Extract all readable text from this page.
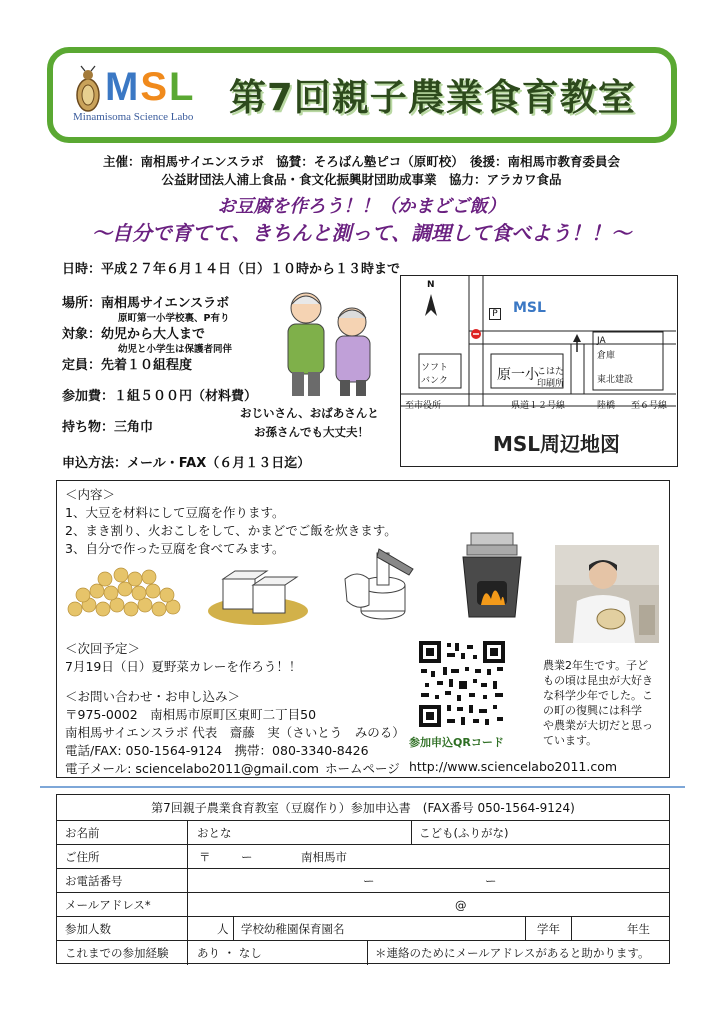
MSL
Minamisoma Science Labo 第7回親子農業食育教室
主催：南相馬サイエンスラボ　協賛：そろばん塾ピコ（原町校）　後援：南相馬市教育委員会
公益財団法人浦上食品・食文化振興財団助成事業　協力：アラカワ食品
お豆腐を作ろう！！（かまどご飯）
〜自分で育てて、きちんと測って、調理して食べよう！！〜
日時：平成２７年６月１４日（日）１０時から１３時まで
場所：南相馬サイエンスラボ
原町第一小学校裏、P有り
対象：幼児から大人まで
幼児と小学生は保護者同伴
定員：先着１０組程度
参加費：１組５００円（材料費）
持ち物：三角巾
おじいさん、おばあさんと
お孫さんでも大丈夫！
申込方法：メール・FAX（６月１３日迄）
N
P MSL
原一小
ソフト
バンク
こはた
印刷所
JA
倉庫
東北建設
至市役所	県道１２号線	陸橋 至６号線
MSL周辺地図
＜内容＞
1、大豆を材料にして豆腐を作ります。
2、まき割り、火おこしをして、かまどでご飯を炊きます。
3、自分で作った豆腐を食べてみます。
参加申込QRコード
農業2年生です。子ど
もの頃は昆虫が大好き
な科学少年でした。こ
の町の復興には科学
や農業が大切だと思っ
ています。
＜次回予定＞
7月19日（日）夏野菜カレーを作ろう！！
＜お問い合わせ・お申し込み＞
〒975-0002　南相馬市原町区東町二丁目50
南相馬サイエンスラボ 代表　齋藤　実（さいとう　みのる）
電話/FAX: 050-1564-9124　携帯：080-3340-8426
電子メール: sciencelabo2011@gmail.com ホームページ http://www.sciencelabo2011.com
第7回親子農業食育教室（豆腐作り）参加申込書　(FAX番号 050-1564-9124)
お名前	おとな	こども(ふりがな)
ご住所	〒	ー	南相馬市
お電話番号	ー	ー
メールアドレス*	@
参加人数	人 学校幼稚園保育園名	学年	年生
これまでの参加経験 あり ・ なし	＊連絡のためにメールアドレスがあると助かります。
